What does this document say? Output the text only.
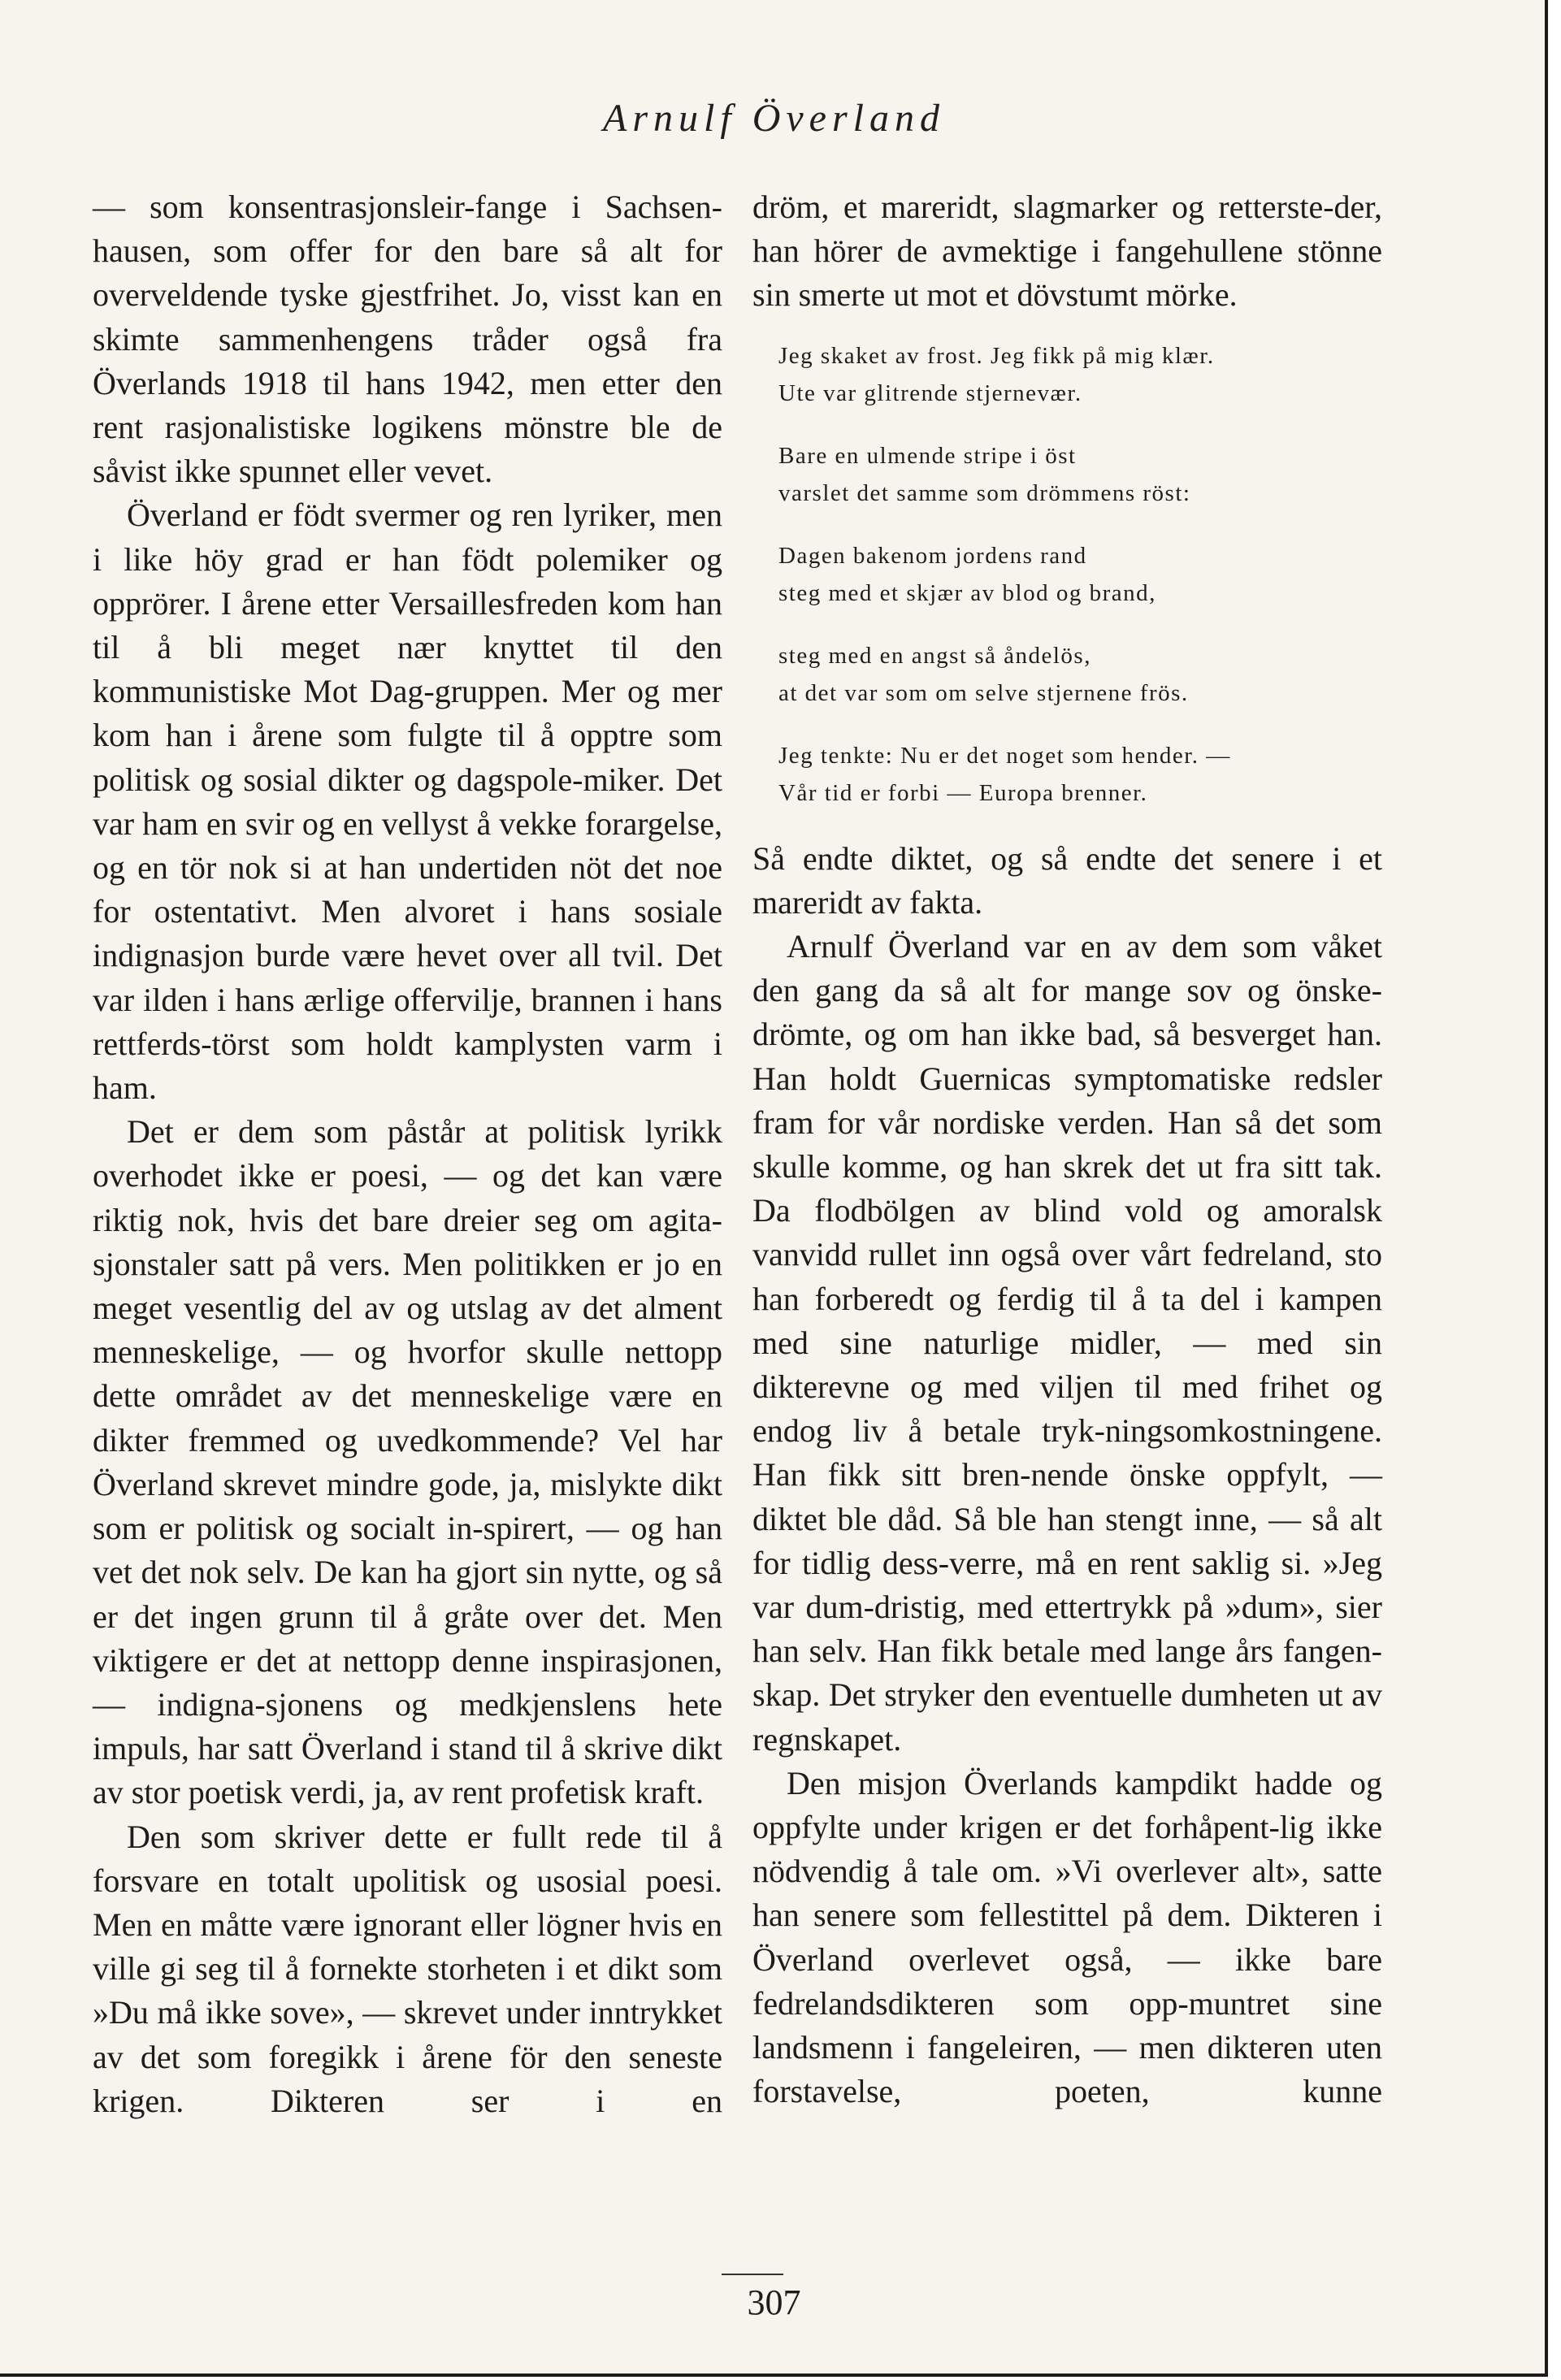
Arnulf Överland

— som konsentrasjonsleir-fange i Sachsen-hausen, som offer for den bare så alt for overveldende tyske gjestfrihet. Jo, visst kan en skimte sammenhengens tråder også fra Överlands 1918 til hans 1942, men etter den rent rasjonalistiske logikens mönstre ble de såvist ikke spunnet eller vevet.

Överland er födt svermer og ren lyriker, men i like höy grad er han födt polemiker og opprörer. I årene etter Versaillesfreden kom han til å bli meget nær knyttet til den kommunistiske Mot Dag-gruppen. Mer og mer kom han i årene som fulgte til å opptre som politisk og sosial dikter og dagspole-miker. Det var ham en svir og en vellyst å vekke forargelse, og en tör nok si at han undertiden nöt det noe for ostentativt. Men alvoret i hans sosiale indignasjon burde være hevet over all tvil. Det var ilden i hans ærlige offervilje, brannen i hans rettferds-törst som holdt kamplysten varm i ham.

Det er dem som påstår at politisk lyrikk overhodet ikke er poesi, — og det kan være riktig nok, hvis det bare dreier seg om agita-sjonstaler satt på vers. Men politikken er jo en meget vesentlig del av og utslag av det alment menneskelige, — og hvorfor skulle nettopp dette området av det menneskelige være en dikter fremmed og uvedkommende? Vel har Överland skrevet mindre gode, ja, mislykte dikt som er politisk og socialt in-spirert, — og han vet det nok selv. De kan ha gjort sin nytte, og så er det ingen grunn til å gråte over det. Men viktigere er det at nettopp denne inspirasjonen, — indigna-sjonens og medkjenslens hete impuls, har satt Överland i stand til å skrive dikt av stor poetisk verdi, ja, av rent profetisk kraft.

Den som skriver dette er fullt rede til å forsvare en totalt upolitisk og usosial poesi. Men en måtte være ignorant eller lögner hvis en ville gi seg til å fornekte storheten i et dikt som »Du må ikke sove», — skrevet under inntrykket av det som foregikk i årene för den seneste krigen. Dikteren ser i en

dröm, et mareridt, slagmarker og retterste-der, han hörer de avmektige i fangehullene stönne sin smerte ut mot et dövstumt mörke.

Jeg skaket av frost. Jeg fikk på mig klær.
Ute var glitrende stjernevær.
Bare en ulmende stripe i öst
varslet det samme som drömmens röst:
Dagen bakenom jordens rand
steg med et skjær av blod og brand,
steg med en angst så åndelös,
at det var som om selve stjernene frös.
Jeg tenkte: Nu er det noget som hender. —
Vår tid er forbi — Europa brenner.

Så endte diktet, og så endte det senere i et mareridt av fakta.

Arnulf Överland var en av dem som våket den gang da så alt for mange sov og önske-drömte, og om han ikke bad, så besverget han. Han holdt Guernicas symptomatiske redsler fram for vår nordiske verden. Han så det som skulle komme, og han skrek det ut fra sitt tak. Da flodbölgen av blind vold og amoralsk vanvidd rullet inn også over vårt fedreland, sto han forberedt og ferdig til å ta del i kampen med sine naturlige midler, — med sin dikterevne og med viljen til med frihet og endog liv å betale tryk-ningsomkostningene. Han fikk sitt bren-nende önske oppfylt, — diktet ble dåd. Så ble han stengt inne, — så alt for tidlig dess-verre, må en rent saklig si. »Jeg var dum-dristig, med ettertrykk på »dum», sier han selv. Han fikk betale med lange års fangen-skap. Det stryker den eventuelle dumheten ut av regnskapet.

Den misjon Överlands kampdikt hadde og oppfylte under krigen er det forhåpent-lig ikke nödvendig å tale om. »Vi overlever alt», satte han senere som fellestittel på dem. Dikteren i Överland overlevet også, — ikke bare fedrelandsdikteren som opp-muntret sine landsmenn i fangeleiren, — men dikteren uten forstavelse, poeten, kunne

307
